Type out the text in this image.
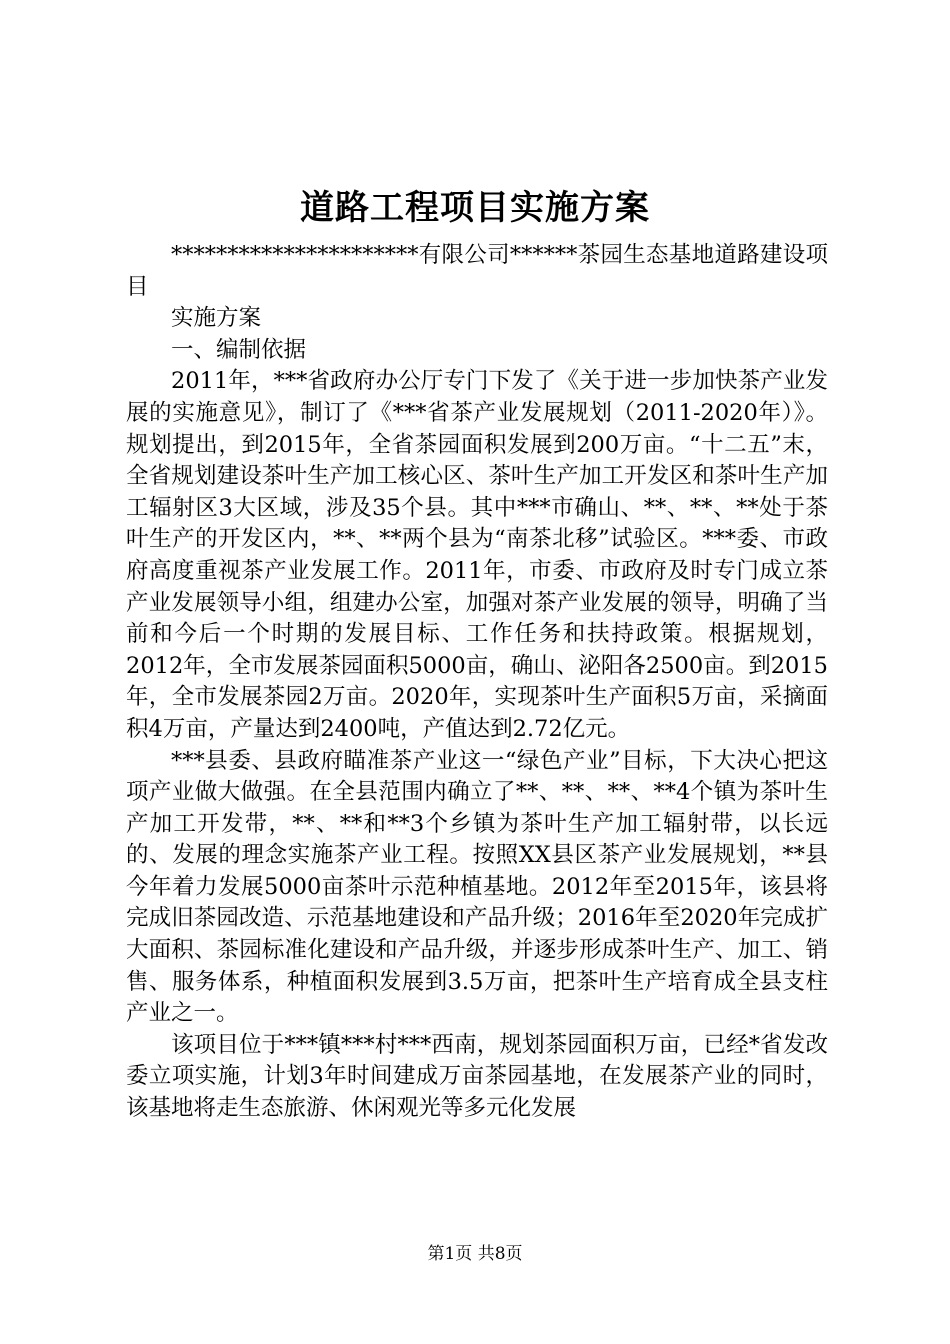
道路工程项目实施方案

**********************有限公司******茶园生态基地道路建设项目

实施方案

一、编制依据

2011年，***省政府办公厅专门下发了《关于进一步加快茶产业发展的实施意见》，制订了《***省茶产业发展规划（2011-2020年）》。规划提出，到2015年，全省茶园面积发展到200万亩。“十二五”末，全省规划建设茶叶生产加工核心区、茶叶生产加工开发区和茶叶生产加工辐射区3大区域，涉及35个县。其中***市确山、**、**、**处于茶叶生产的开发区内，**、**两个县为“南茶北移”试验区。***委、市政府高度重视茶产业发展工作。2011年，市委、市政府及时专门成立茶产业发展领导小组，组建办公室，加强对茶产业发展的领导，明确了当前和今后一个时期的发展目标、工作任务和扶持政策。根据规划，2012年，全市发展茶园面积5000亩，确山、泌阳各2500亩。到2015年，全市发展茶园2万亩。2020年，实现茶叶生产面积5万亩，采摘面积4万亩，产量达到2400吨，产值达到2.72亿元。

***县委、县政府瞄准茶产业这一“绿色产业”目标，下大决心把这项产业做大做强。在全县范围内确立了**、**、**、**4个镇为茶叶生产加工开发带，**、**和**3个乡镇为茶叶生产加工辐射带，以长远的、发展的理念实施茶产业工程。按照XX县区茶产业发展规划，**县今年着力发展5000亩茶叶示范种植基地。2012年至2015年，该县将完成旧茶园改造、示范基地建设和产品升级；2016年至2020年完成扩大面积、茶园标准化建设和产品升级，并逐步形成茶叶生产、加工、销售、服务体系，种植面积发展到3.5万亩，把茶叶生产培育成全县支柱产业之一。

该项目位于***镇***村***西南，规划茶园面积万亩，已经*省发改委立项实施，计划3年时间建成万亩茶园基地，在发展茶产业的同时，该基地将走生态旅游、休闲观光等多元化发展

第1页 共8页
